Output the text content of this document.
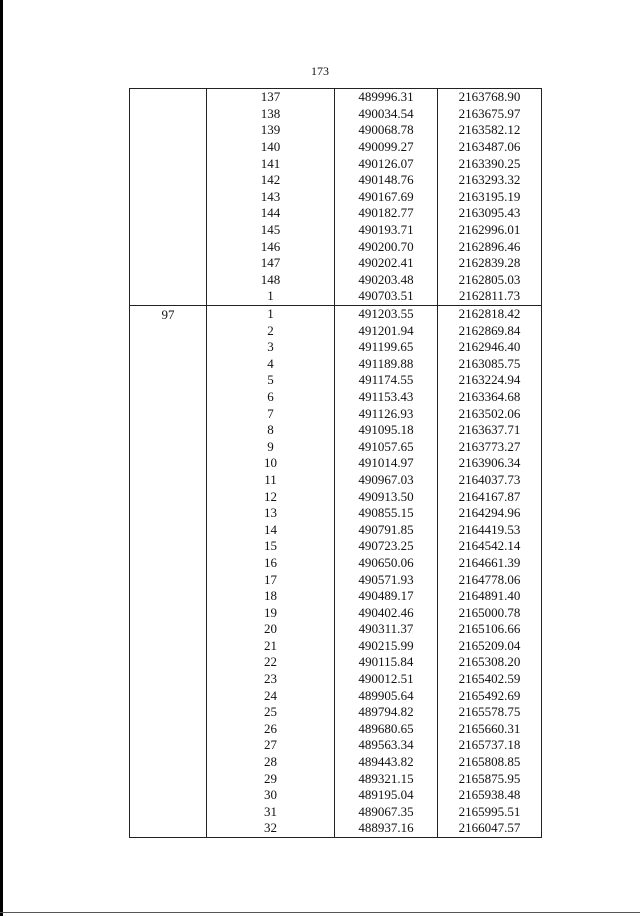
173
	137	489996.31	2163768.90
	138	490034.54	2163675.97
	139	490068.78	2163582.12
	140	490099.27	2163487.06
	141	490126.07	2163390.25
	142	490148.76	2163293.32
	143	490167.69	2163195.19
	144	490182.77	2163095.43
	145	490193.71	2162996.01
	146	490200.70	2162896.46
	147	490202.41	2162839.28
	148	490203.48	2162805.03
	1	490703.51	2162811.73
97	1	491203.55	2162818.42
	2	491201.94	2162869.84
	3	491199.65	2162946.40
	4	491189.88	2163085.75
	5	491174.55	2163224.94
	6	491153.43	2163364.68
	7	491126.93	2163502.06
	8	491095.18	2163637.71
	9	491057.65	2163773.27
	10	491014.97	2163906.34
	11	490967.03	2164037.73
	12	490913.50	2164167.87
	13	490855.15	2164294.96
	14	490791.85	2164419.53
	15	490723.25	2164542.14
	16	490650.06	2164661.39
	17	490571.93	2164778.06
	18	490489.17	2164891.40
	19	490402.46	2165000.78
	20	490311.37	2165106.66
	21	490215.99	2165209.04
	22	490115.84	2165308.20
	23	490012.51	2165402.59
	24	489905.64	2165492.69
	25	489794.82	2165578.75
	26	489680.65	2165660.31
	27	489563.34	2165737.18
	28	489443.82	2165808.85
	29	489321.15	2165875.95
	30	489195.04	2165938.48
	31	489067.35	2165995.51
	32	488937.16	2166047.57
